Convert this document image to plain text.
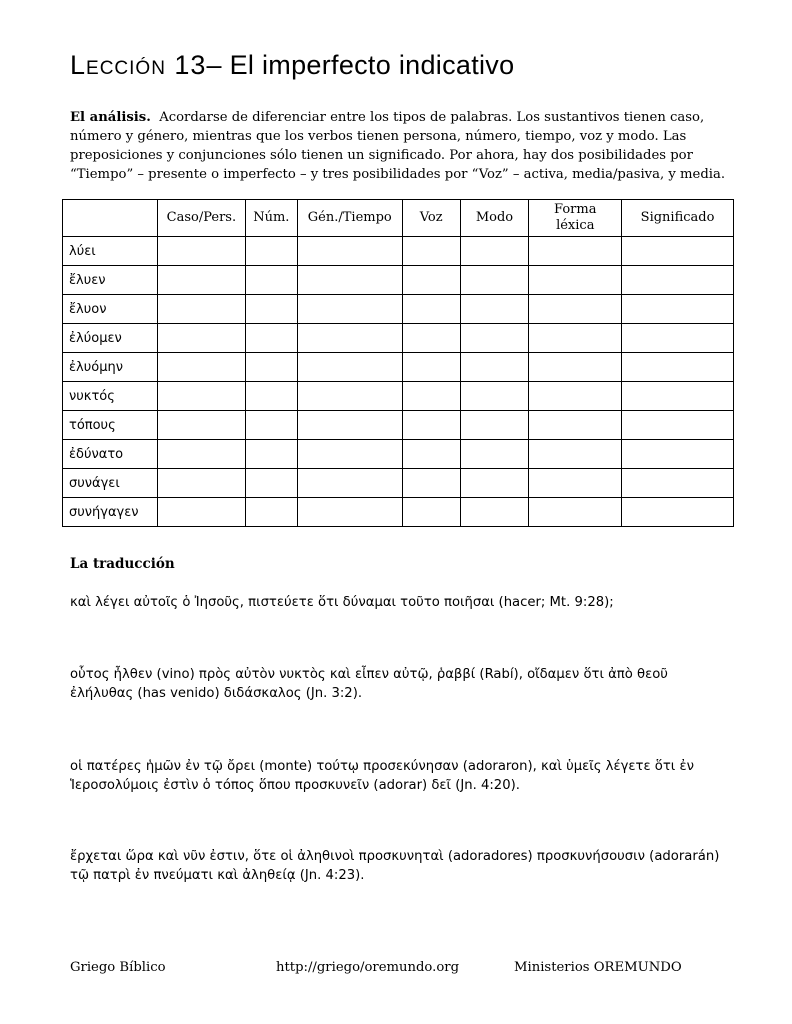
Lección 13– El imperfecto indicativo

El análisis. Acordarse de diferenciar entre los tipos de palabras. Los sustantivos tienen caso, número y género, mientras que los verbos tienen persona, número, tiempo, voz y modo. Las preposiciones y conjunciones sólo tienen un significado. Por ahora, hay dos posibilidades por “Tiempo” – presente o imperfecto – y tres posibilidades por “Voz” – activa, media/pasiva, y media.

	Caso/Pers.	Núm.	Gén./Tiempo	Voz	Modo	Forma léxica	Significado
λύει							
ἔλυεν							
ἔλυον							
ἐλύομεν							
ἐλυόμην							
νυκτός							
τόπους							
ἐδύνατο							
συνάγει							
συνήγαγεν							
La traducción

καὶ λέγει αὐτοῖς ὁ Ἰησοῦς, πιστεύετε ὅτι δύναμαι τοῦτο ποιῆσαι (hacer; Mt. 9:28);

οὗτος ἦλθεν (vino) πρὸς αὐτὸν νυκτὸς καὶ εἶπεν αὐτῷ, ῥαββί (Rabí), οἴδαμεν ὅτι ἀπὸ θεοῦ ἐλήλυθας (has venido) διδάσκαλος (Jn. 3:2).

οἱ πατέρες ἡμῶν ἐν τῷ ὄρει (monte) τούτῳ προσεκύνησαν (adoraron), καὶ ὑμεῖς λέγετε ὅτι ἐν Ἱεροσολύμοις ἐστὶν ὁ τόπος ὅπου προσκυνεῖν (adorar) δεῖ (Jn. 4:20).

ἔρχεται ὥρα καὶ νῦν ἐστιν, ὅτε οἱ ἀληθινοὶ προσκυνηταὶ (adoradores) προσκυνήσουσιν (adorarán) τῷ πατρὶ ἐν πνεύματι καὶ ἀληθείᾳ (Jn. 4:23).

Griego Bíblico	http://griego/oremundo.org	Ministerios OREMUNDO
